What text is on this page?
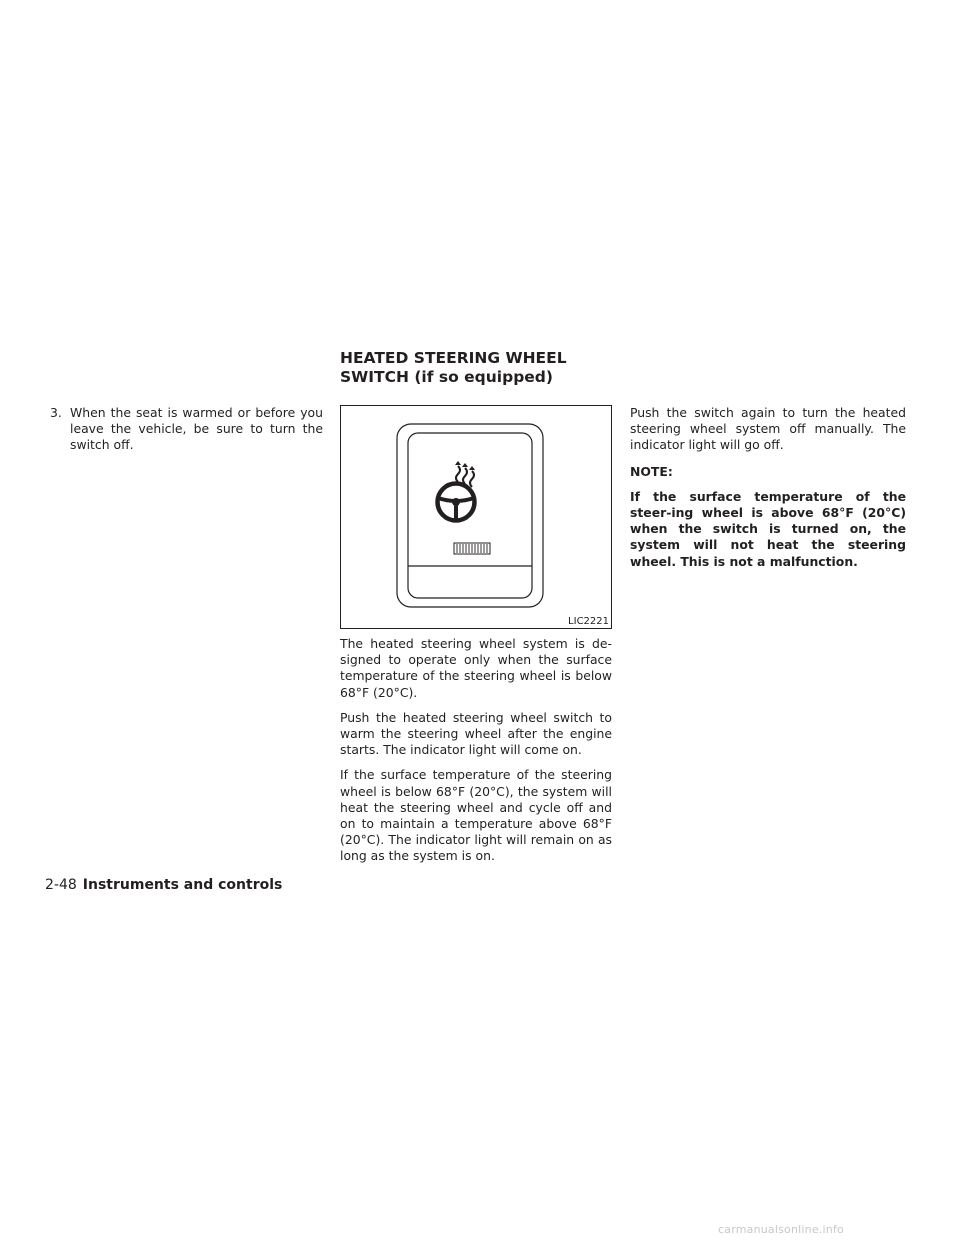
HEATED STEERING WHEEL SWITCH (if so equipped)
3. When the seat is warmed or before you leave the vehicle, be sure to turn the switch off.
LIC2221

The heated steering wheel system is de-signed to operate only when the surface temperature of the steering wheel is below 68°F (20°C).

Push the heated steering wheel switch to warm the steering wheel after the engine starts. The indicator light will come on.

If the surface temperature of the steering wheel is below 68°F (20°C), the system will heat the steering wheel and cycle off and on to maintain a temperature above 68°F (20°C). The indicator light will remain on as long as the system is on.

Push the switch again to turn the heated steering wheel system off manually. The indicator light will go off.

NOTE:

If the surface temperature of the steer-ing wheel is above 68°F (20°C) when the switch is turned on, the system will not heat the steering wheel. This is not a malfunction.

2-48 Instruments and controls
carmanualsonline.info
